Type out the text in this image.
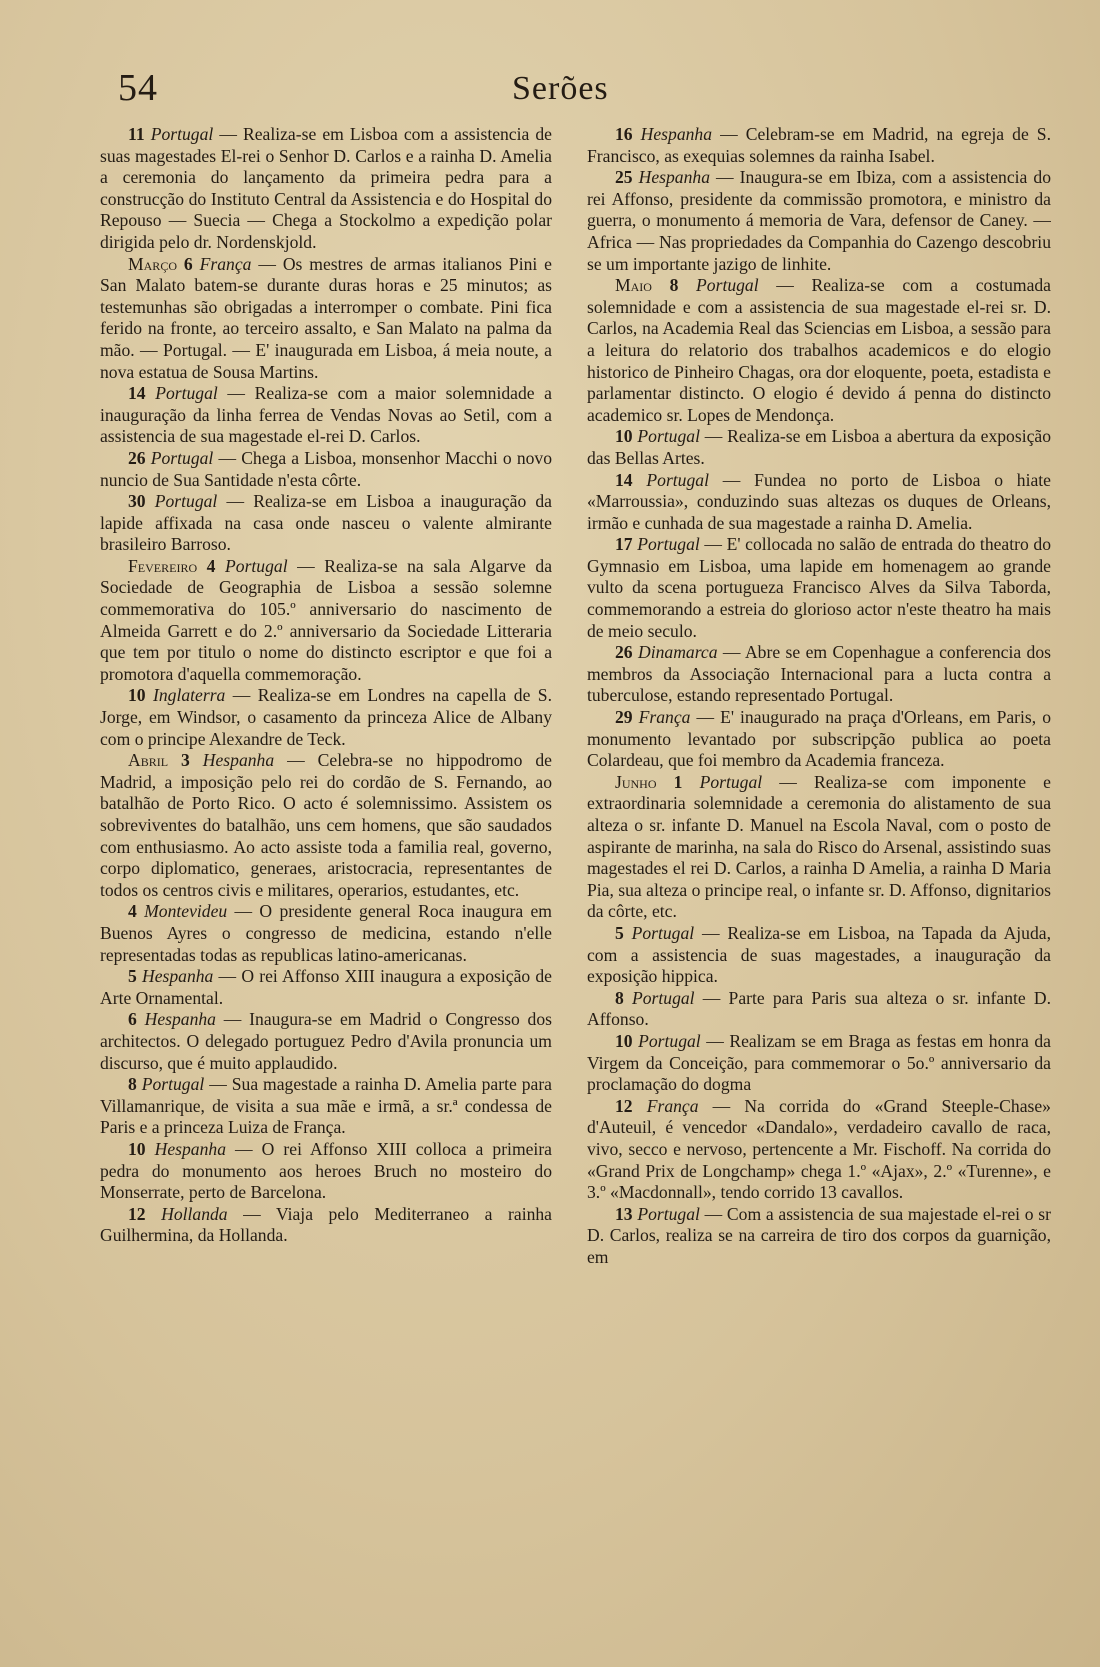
54	Serões

11 Portugal — Realiza-se em Lisboa com a assistencia de suas magestades El-rei o Senhor D. Carlos e a rainha D. Amelia a ceremonia do lançamento da primeira pedra para a construcção do Instituto Central da Assistencia e do Hospital do Repouso — Suecia — Chega a Stockolmo a expedição polar dirigida pelo dr. Nordenskjold.

Março 6 França — Os mestres de armas italianos Pini e San Malato batem-se durante duras horas e 25 minutos; as testemunhas são obrigadas a interromper o combate. Pini fica ferido na fronte, ao terceiro assalto, e San Malato na palma da mão. — Portugal. — E' inaugurada em Lisboa, á meia noute, a nova estatua de Sousa Martins.

14 Portugal — Realiza-se com a maior solemnidade a inauguração da linha ferrea de Vendas Novas ao Setil, com a assistencia de sua magestade el-rei D. Carlos.

26 Portugal — Chega a Lisboa, monsenhor Macchi o novo nuncio de Sua Santidade n'esta côrte.

30 Portugal — Realiza-se em Lisboa a inauguração da lapide affixada na casa onde nasceu o valente almirante brasileiro Barroso.

Fevereiro 4 Portugal — Realiza-se na sala Algarve da Sociedade de Geographia de Lisboa a sessão solemne commemorativa do 105.º anniversario do nascimento de Almeida Garrett e do 2.º anniversario da Sociedade Litteraria que tem por titulo o nome do distincto escriptor e que foi a promotora d'aquella commemoração.

10 Inglaterra — Realiza-se em Londres na capella de S. Jorge, em Windsor, o casamento da princeza Alice de Albany com o principe Alexandre de Teck.

Abril 3 Hespanha — Celebra-se no hippodromo de Madrid, a imposição pelo rei do cordão de S. Fernando, ao batalhão de Porto Rico. O acto é solemnissimo. Assistem os sobreviventes do batalhão, uns cem homens, que são saudados com enthusiasmo. Ao acto assiste toda a familia real, governo, corpo diplomatico, generaes, aristocracia, representantes de todos os centros civis e militares, operarios, estudantes, etc.

4 Montevideu — O presidente general Roca inaugura em Buenos Ayres o congresso de medicina, estando n'elle representadas todas as republicas latino-americanas.

5 Hespanha — O rei Affonso XIII inaugura a exposição de Arte Ornamental.

6 Hespanha — Inaugura-se em Madrid o Congresso dos architectos. O delegado portuguez Pedro d'Avila pronuncia um discurso, que é muito applaudido.

8 Portugal — Sua magestade a rainha D. Amelia parte para Villamanrique, de visita a sua mãe e irmã, a sr.ª condessa de Paris e a princeza Luiza de França.

10 Hespanha — O rei Affonso XIII colloca a primeira pedra do monumento aos heroes Bruch no mosteiro do Monserrate, perto de Barcelona.

12 Hollanda — Viaja pelo Mediterraneo a rainha Guilhermina, da Hollanda.

16 Hespanha — Celebram-se em Madrid, na egreja de S. Francisco, as exequias solemnes da rainha Isabel.

25 Hespanha — Inaugura-se em Ibiza, com a assistencia do rei Affonso, presidente da commissão promotora, e ministro da guerra, o monumento á memoria de Vara, defensor de Caney. — Africa — Nas propriedades da Companhia do Cazengo descobriu se um importante jazigo de linhite.

Maio 8 Portugal — Realiza-se com a costumada solemnidade e com a assistencia de sua magestade el-rei sr. D. Carlos, na Academia Real das Sciencias em Lisboa, a sessão para a leitura do relatorio dos trabalhos academicos e do elogio historico de Pinheiro Chagas, ora dor eloquente, poeta, estadista e parlamentar distincto. O elogio é devido á penna do distincto academico sr. Lopes de Mendonça.

10 Portugal — Realiza-se em Lisboa a abertura da exposição das Bellas Artes.

14 Portugal — Fundea no porto de Lisboa o hiate «Marroussia», conduzindo suas altezas os duques de Orleans, irmão e cunhada de sua magestade a rainha D. Amelia.

17 Portugal — E' collocada no salão de entrada do theatro do Gymnasio em Lisboa, uma lapide em homenagem ao grande vulto da scena portugueza Francisco Alves da Silva Taborda, commemorando a estreia do glorioso actor n'este theatro ha mais de meio seculo.

26 Dinamarca — Abre se em Copenhague a conferencia dos membros da Associação Internacional para a lucta contra a tuberculose, estando representado Portugal.

29 França — E' inaugurado na praça d'Orleans, em Paris, o monumento levantado por subscripção publica ao poeta Colardeau, que foi membro da Academia franceza.

Junho 1 Portugal — Realiza-se com imponente e extraordinaria solemnidade a ceremonia do alistamento de sua alteza o sr. infante D. Manuel na Escola Naval, com o posto de aspirante de marinha, na sala do Risco do Arsenal, assistindo suas magestades el rei D. Carlos, a rainha D Amelia, a rainha D Maria Pia, sua alteza o principe real, o infante sr. D. Affonso, dignitarios da côrte, etc.

5 Portugal — Realiza-se em Lisboa, na Tapada da Ajuda, com a assistencia de suas magestades, a inauguração da exposição hippica.

8 Portugal — Parte para Paris sua alteza o sr. infante D. Affonso.

10 Portugal — Realizam se em Braga as festas em honra da Virgem da Conceição, para commemorar o 5o.º anniversario da proclamação do dogma

12 França — Na corrida do «Grand Steeple-Chase» d'Auteuil, é vencedor «Dandalo», verdadeiro cavallo de raca, vivo, secco e nervoso, pertencente a Mr. Fischoff. Na corrida do «Grand Prix de Longchamp» chega 1.º «Ajax», 2.º «Turenne», e 3.º «Macdonnall», tendo corrido 13 cavallos.

13 Portugal — Com a assistencia de sua majestade el-rei o sr D. Carlos, realiza se na carreira de tiro dos corpos da guarnição, em
